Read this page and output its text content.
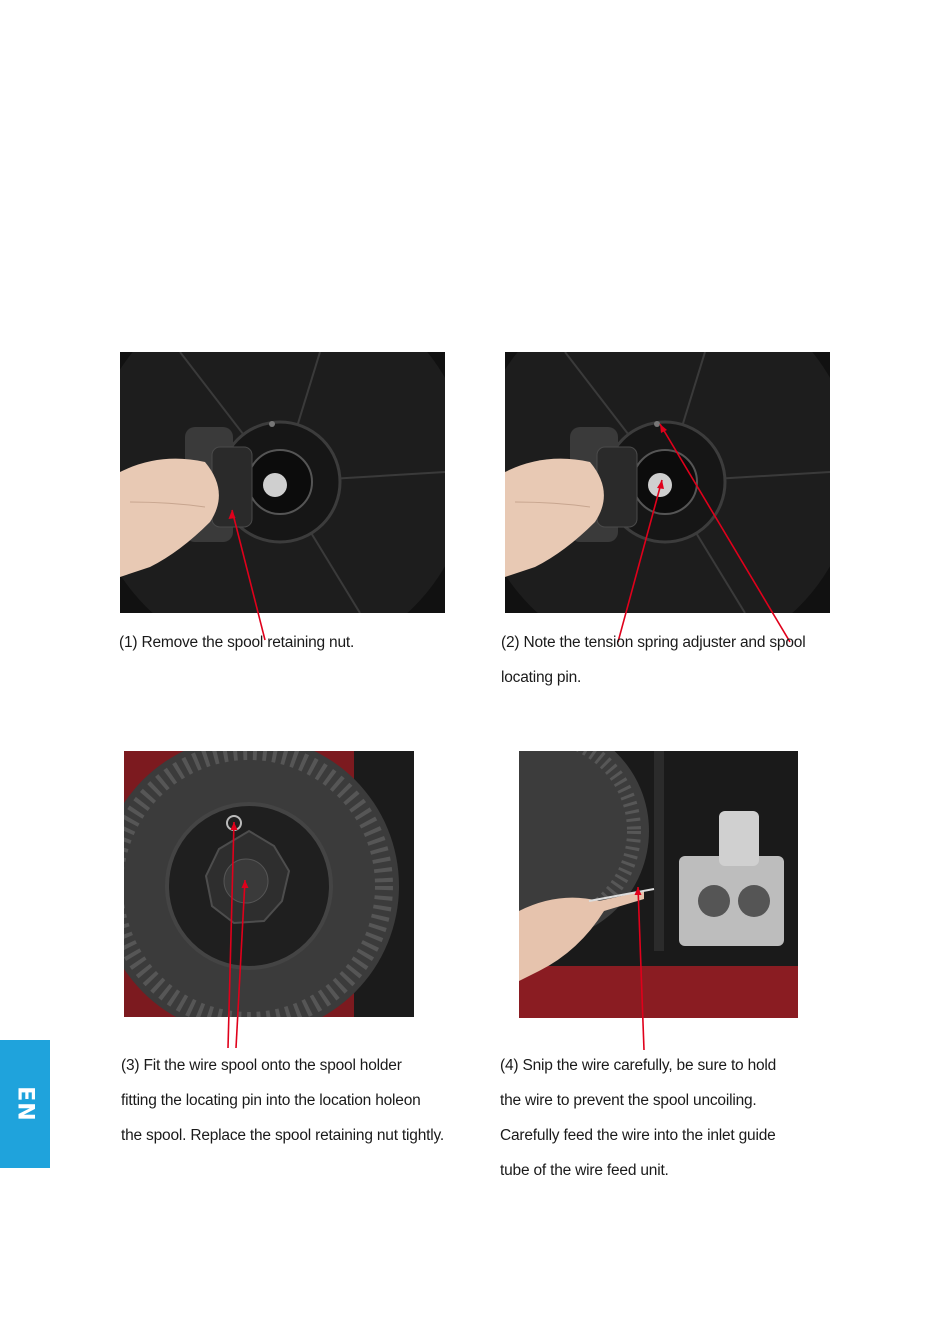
(1) Remove the spool retaining nut.	(2) Note the tension spring adjuster and spool
locating pin.
(3) Fit the wire spool onto the spool holder
fitting the locating pin into the location holeon
the spool. Replace the spool retaining nut tightly.
(4) Snip the wire carefully, be sure to hold
the wire to prevent the spool uncoiling.
Carefully feed the wire into the inlet guide
tube of the wire feed unit.
EN
